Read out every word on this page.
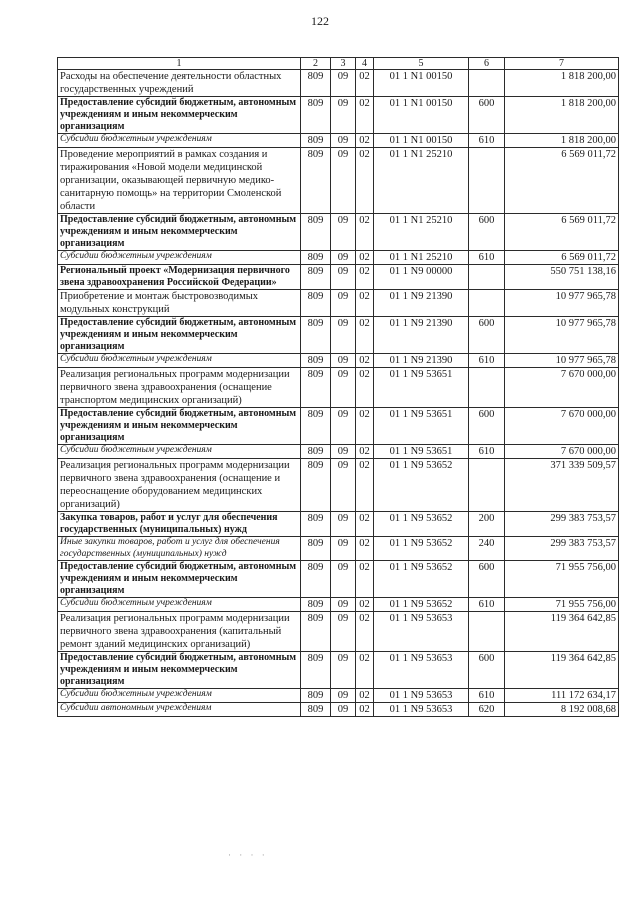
122
1	2	3	4	5	6	7
Расходы на обеспечение деятельности областных государственных учреждений	809	09	02	01 1 N1 00150		1 818 200,00
Предоставление субсидий бюджетным, автономным учреждениям и иным некоммерческим организациям	809	09	02	01 1 N1 00150	600	1 818 200,00
Субсидии бюджетным учреждениям	809	09	02	01 1 N1 00150	610	1 818 200,00
Проведение мероприятий в рамках создания и тиражирования «Новой модели медицинской организации, оказывающей первичную медико-санитарную помощь» на территории Смоленской области	809	09	02	01 1 N1 25210		6 569 011,72
Предоставление субсидий бюджетным, автономным учреждениям и иным некоммерческим организациям	809	09	02	01 1 N1 25210	600	6 569 011,72
Субсидии бюджетным учреждениям	809	09	02	01 1 N1 25210	610	6 569 011,72
Региональный проект «Модернизация первичного звена здравоохранения Российской Федерации»	809	09	02	01 1 N9 00000		550 751 138,16
Приобретение и монтаж быстровозводимых модульных конструкций	809	09	02	01 1 N9 21390		10 977 965,78
Предоставление субсидий бюджетным, автономным учреждениям и иным некоммерческим организациям	809	09	02	01 1 N9 21390	600	10 977 965,78
Субсидии бюджетным учреждениям	809	09	02	01 1 N9 21390	610	10 977 965,78
Реализация региональных программ модернизации первичного звена здравоохранения (оснащение транспортом медицинских организаций)	809	09	02	01 1 N9 53651		7 670 000,00
Предоставление субсидий бюджетным, автономным учреждениям и иным некоммерческим организациям	809	09	02	01 1 N9 53651	600	7 670 000,00
Субсидии бюджетным учреждениям	809	09	02	01 1 N9 53651	610	7 670 000,00
Реализация региональных программ модернизации первичного звена здравоохранения (оснащение и переоснащение оборудованием медицинских организаций)	809	09	02	01 1 N9 53652		371 339 509,57
Закупка товаров, работ и услуг для обеспечения государственных (муниципальных) нужд	809	09	02	01 1 N9 53652	200	299 383 753,57
Иные закупки товаров, работ и услуг для обеспечения государственных (муниципальных) нужд	809	09	02	01 1 N9 53652	240	299 383 753,57
Предоставление субсидий бюджетным, автономным учреждениям и иным некоммерческим организациям	809	09	02	01 1 N9 53652	600	71 955 756,00
Субсидии бюджетным учреждениям	809	09	02	01 1 N9 53652	610	71 955 756,00
Реализация региональных программ модернизации первичного звена здравоохранения (капитальный ремонт зданий медицинских организаций)	809	09	02	01 1 N9 53653		119 364 642,85
Предоставление субсидий бюджетным, автономным учреждениям и иным некоммерческим организациям	809	09	02	01 1 N9 53653	600	119 364 642,85
Субсидии бюджетным учреждениям	809	09	02	01 1 N9 53653	610	111 172 634,17
Субсидии автономным учреждениям	809	09	02	01 1 N9 53653	620	8 192 008,68
· · · ·
